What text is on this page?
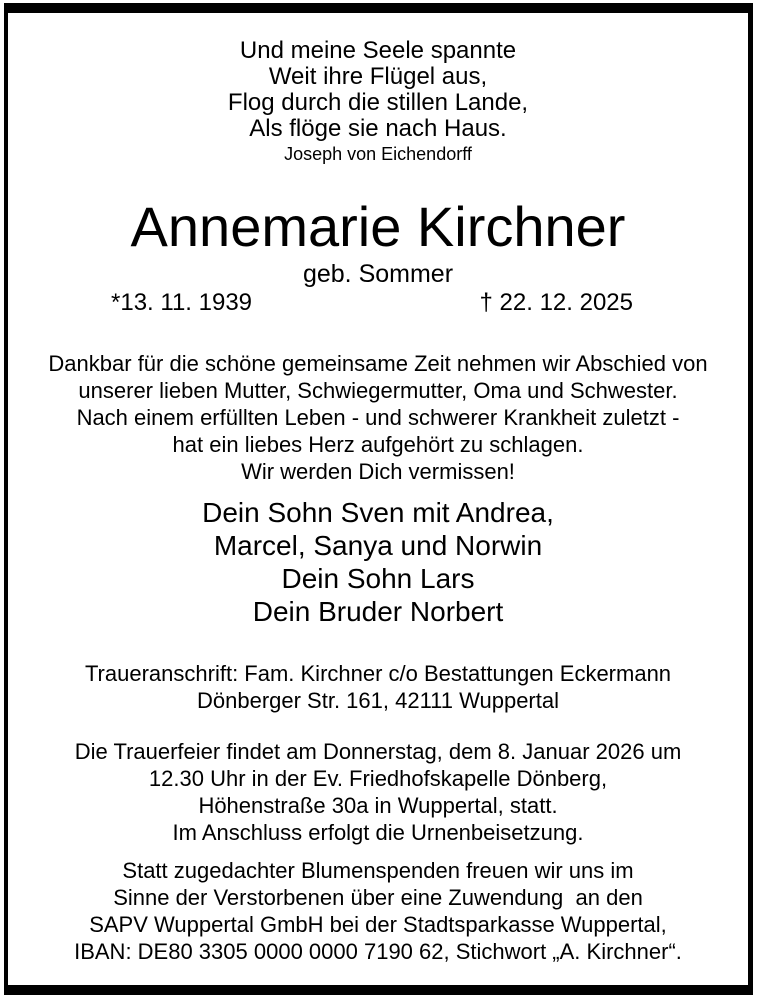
Und meine Seele spannte
Weit ihre Flügel aus,
Flog durch die stillen Lande,
Als flöge sie nach Haus.
Joseph von Eichendorff
Annemarie Kirchner
geb. Sommer
*13. 11. 1939	† 22. 12. 2025
Dankbar für die schöne gemeinsame Zeit nehmen wir Abschied von
unserer lieben Mutter, Schwiegermutter, Oma und Schwester.
Nach einem erfüllten Leben - und schwerer Krankheit zuletzt -
hat ein liebes Herz aufgehört zu schlagen.
Wir werden Dich vermissen!
Dein Sohn Sven mit Andrea,
Marcel, Sanya und Norwin
Dein Sohn Lars
Dein Bruder Norbert
Traueranschrift: Fam. Kirchner c/o Bestattungen Eckermann
Dönberger Str. 161, 42111 Wuppertal
Die Trauerfeier findet am Donnerstag, dem 8. Januar 2026 um
12.30 Uhr in der Ev. Friedhofskapelle Dönberg,
Höhenstraße 30a in Wuppertal, statt.
Im Anschluss erfolgt die Urnenbeisetzung.
Statt zugedachter Blumenspenden freuen wir uns im
Sinne der Verstorbenen über eine Zuwendung  an den
SAPV Wuppertal GmbH bei der Stadtsparkasse Wuppertal,
IBAN: DE80 3305 0000 0000 7190 62, Stichwort „A. Kirchner“.
